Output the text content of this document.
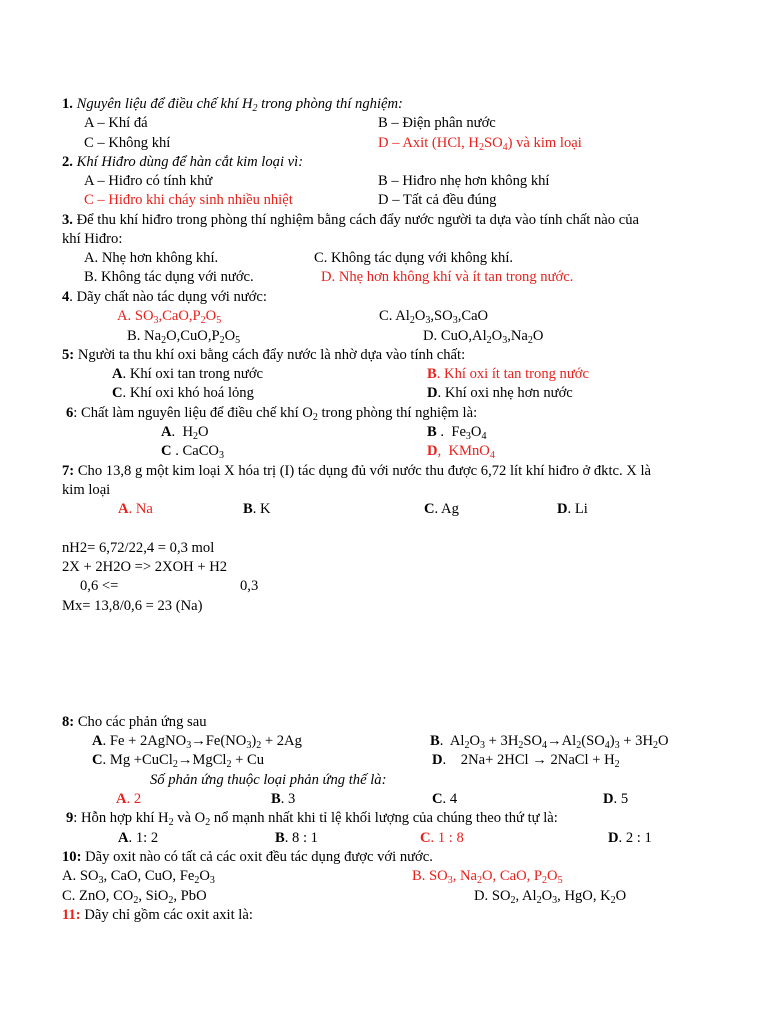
1. Nguyên liệu để điều chế khí $H_2$ trong phòng thí nghiệm:
A – Khí đá	B – Điện phân nước
C – Không khí	D – Axit (HCl, $H_2SO_4$) và kim loại
2. Khí Hiđro dùng để hàn cắt kim loại vì:
A – Hiđro có tính khử	B – Hiđro nhẹ hơn không khí
C – Hiđro khi cháy sinh nhiều nhiệt	D – Tất cả đều đúng
3. Để thu khí hiđro trong phòng thí nghiệm bằng cách đẩy nước người ta dựa vào tính chất nào của
khí Hiđro:
A. Nhẹ hơn không khí.	C. Không tác dụng với không khí.
B. Không tác dụng với nước.	D. Nhẹ hơn không khí và ít tan trong nước.
4. Dãy chất nào tác dụng với nước:
A. $SO_3,CaO,P_2O_5$	C. $Al_2O_3,SO_3,CaO$
B. $Na_2O,CuO,P_2O_5$	D. $CuO,Al_2O_3,Na_2O$
5: Người ta thu khí oxi bằng cách đẩy nước là nhờ dựa vào tính chất:
A. Khí oxi tan trong nước	B. Khí oxi ít tan trong nước
C. Khí oxi khó hoá lỏng	D. Khí oxi nhẹ hơn nước
6: Chất làm nguyên liệu để điều chế khí $O_2$ trong phòng thí nghiệm là:
A.  $H_2O$	B .  $Fe_3O_4$
C . CaCO$_3$	D,  KMnO$_4$
7: Cho 13,8 g một kim loại X hóa trị (I) tác dụng đủ với nước thu được 6,72 lít khí hiđro ở đktc. X là
kim loại
A. Na	B. K	C. Ag	D. Li
nH2= 6,72/22,4 = 0,3 mol
2X + 2H2O => 2XOH + H2
0,6 <=	0,3
Mx= 13,8/0,6 = 23 (Na)
8: Cho các phản ứng sau
A. $Fe + 2AgNO_3\to Fe(NO_3)_2 + 2Ag$	B.  $Al_2O_3 + 3H_2SO_4\to Al_2(SO_4)_3 + 3H_2O$
C. Mg +CuCl$_2$→MgCl$_2$ + Cu	D.    2Na+ 2HCl → 2NaCl + $H_2$
Số phản ứng thuộc loại phản ứng thế là:
A. 2	B. 3	C. 4	D. 5
9: Hỗn hợp khí $H_2$ và $O_2$ nổ mạnh nhất khi tỉ lệ khối lượng của chúng theo thứ tự là:
A. 1: 2	B. 8 : 1	C. 1 : 8	D. 2 : 1
10: Dãy oxit nào có tất cả các oxit đều tác dụng được với nước.
A. $SO_3$, CaO, CuO, $Fe_2O_3$	B. $SO_3$, $Na_2O$, CaO, $P_2O_5$
C. ZnO, $CO_2$, SiO$_2$, PbO	D. $SO_2$, $Al_2O_3$, HgO, $K_2O$
11: Dãy chỉ gồm các oxit axit là:
